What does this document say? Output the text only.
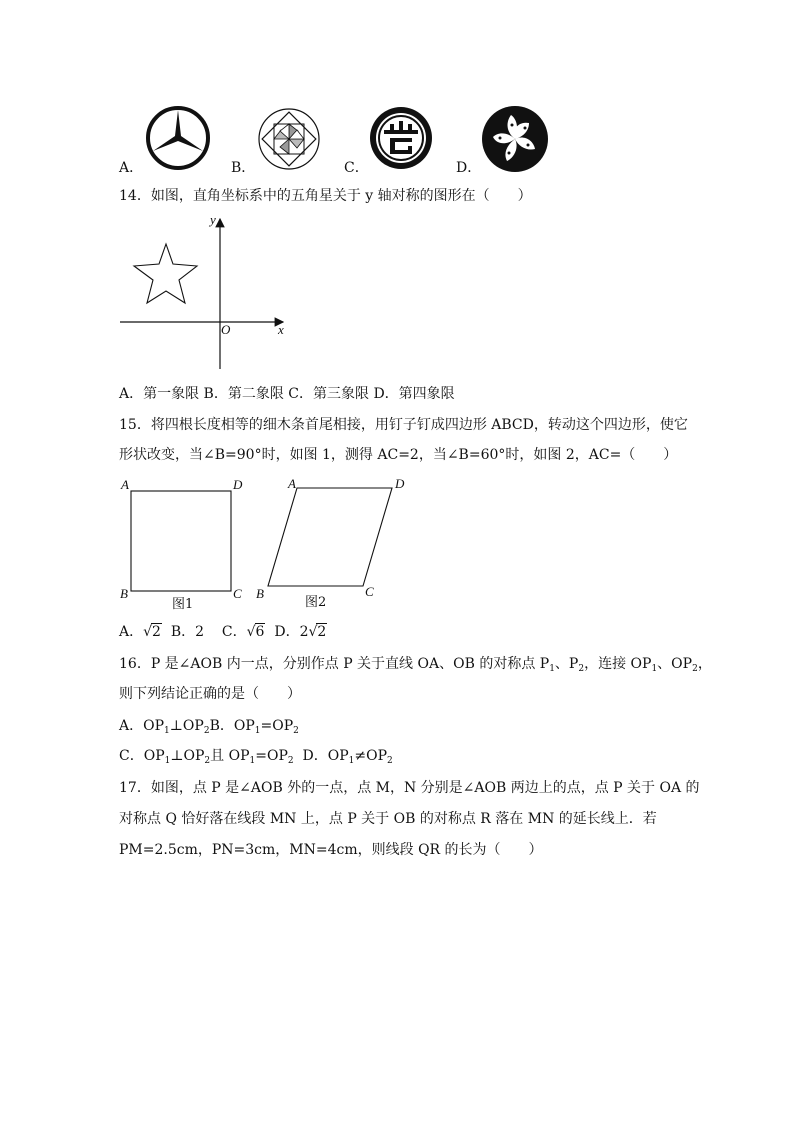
A．	B．	C．	D．
14．如图，直角坐标系中的五角星关于 y 轴对称的图形在（　　）
y
x
O
A．第一象限 B．第二象限 C．第三象限 D．第四象限
15．将四根长度相等的细木条首尾相接，用钉子钉成四边形 ABCD，转动这个四边形，使它
形状改变，当∠B=90°时，如图 1，测得 AC=2，当∠B=60°时，如图 2，AC=（　　）
A	D
B	C
图1
A	D
B	C
图2
A．√2 B．2 C．√6 D．2√2
16．P 是∠AOB 内一点，分别作点 P 关于直线 OA、OB 的对称点 $P_1$、$P_2$，连接 $OP_1$、$OP_2$，
则下列结论正确的是（　　）
A．$OP_1\perp OP_2B$．$OP_1=OP_2$
C．$OP_1\perp OP_2$且 $OP_1=OP_2$ D．$OP_1\ne OP_2$
17．如图，点 P 是∠AOB 外的一点，点 M，N 分别是∠AOB 两边上的点，点 P 关于 OA 的
对称点 Q 恰好落在线段 MN 上，点 P 关于 OB 的对称点 R 落在 MN 的延长线上．若
PM=2.5cm，PN=3cm，MN=4cm，则线段 QR 的长为（　　）
